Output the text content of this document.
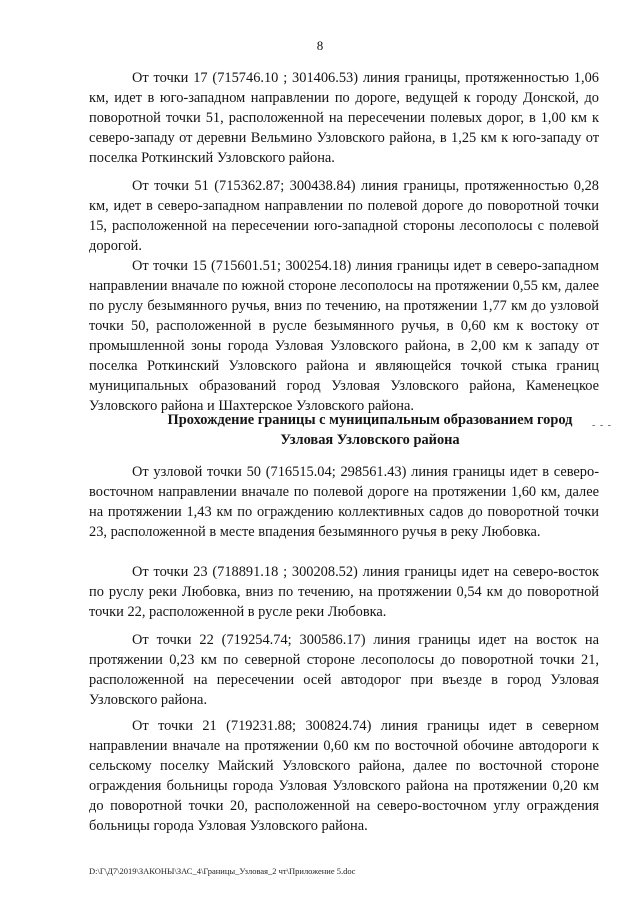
8

От точки 17 (715746.10 ; 301406.53) линия границы, протяженностью 1,06 км, идет в юго-западном направлении по дороге, ведущей к городу Донской, до поворотной точки 51, расположенной на пересечении полевых дорог, в 1,00 км к северо-западу от деревни Вельмино Узловского района, в 1,25 км к юго-западу от поселка Роткинский Узловского района.

От точки 51 (715362.87; 300438.84) линия границы, протяженностью 0,28 км, идет в северо-западном направлении по полевой дороге до поворотной точки 15, расположенной на пересечении юго-западной стороны лесополосы с полевой дорогой.

От точки 15 (715601.51; 300254.18) линия границы идет в северо-западном направлении вначале по южной стороне лесополосы на протяжении 0,55 км, далее по руслу безымянного ручья, вниз по течению, на протяжении 1,77 км до узловой точки 50, расположенной в русле безымянного ручья, в 0,60 км к востоку от промышленной зоны города Узловая Узловского района, в 2,00 км к западу от поселка Роткинский Узловского района и являющейся точкой стыка границ муниципальных образований город Узловая Узловского района, Каменецкое Узловского района и Шахтерское Узловского района.

Прохождение границы с муниципальным образованием город Узловая Узловского района

- - -

От узловой точки 50 (716515.04; 298561.43) линия границы идет в северо-восточном направлении вначале по полевой дороге на протяжении 1,60 км, далее на протяжении 1,43 км по ограждению коллективных садов до поворотной точки 23, расположенной в месте впадения безымянного ручья в реку Любовка.

От точки 23 (718891.18 ; 300208.52) линия границы идет на северо-восток по руслу реки Любовка, вниз по течению, на протяжении 0,54 км до поворотной точки 22, расположенной в русле реки Любовка.

От точки 22 (719254.74; 300586.17) линия границы идет на восток на протяжении 0,23 км по северной стороне лесополосы до поворотной точки 21, расположенной на пересечении осей автодорог при въезде в город Узловая Узловского района.

От точки 21 (719231.88; 300824.74) линия границы идет в северном направлении вначале на протяжении 0,60 км по восточной обочине автодороги к сельскому поселку Майский Узловского района, далее по восточной стороне ограждения больницы города Узловая Узловского района на протяжении 0,20 км до поворотной точки 20, расположенной на северо-восточном углу ограждения больницы города Узловая Узловского района.

D:\Г\Д7\2019\ЗАКОНЫ\ЗАС_4\Границы_Узловая_2 чт\Приложение 5.doc
